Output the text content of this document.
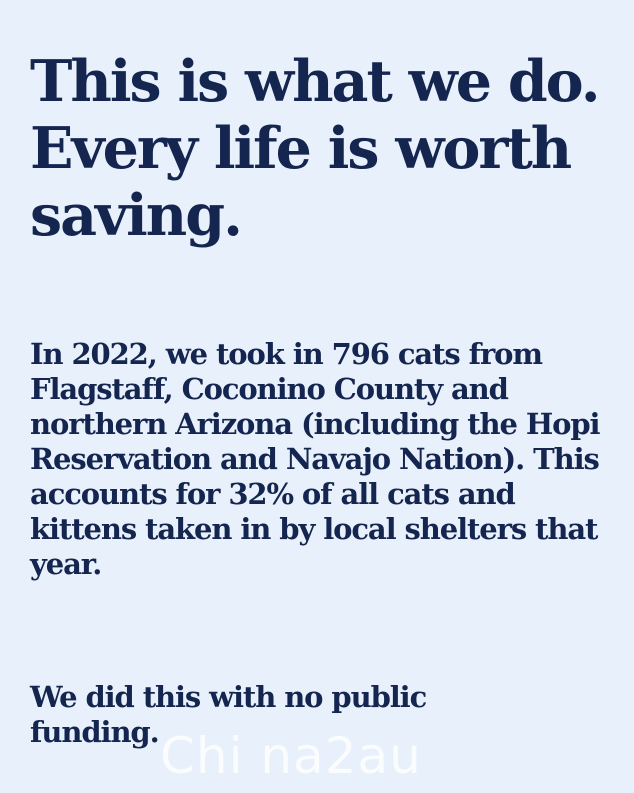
This is what we do. Every life is worth saving.

In 2022, we took in 796 cats from Flagstaff, Coconino County and northern Arizona (including the Hopi Reservation and Navajo Nation). This accounts for 32% of all cats and kittens taken in by local shelters that year.

We did this with no public funding. Chi na2au
